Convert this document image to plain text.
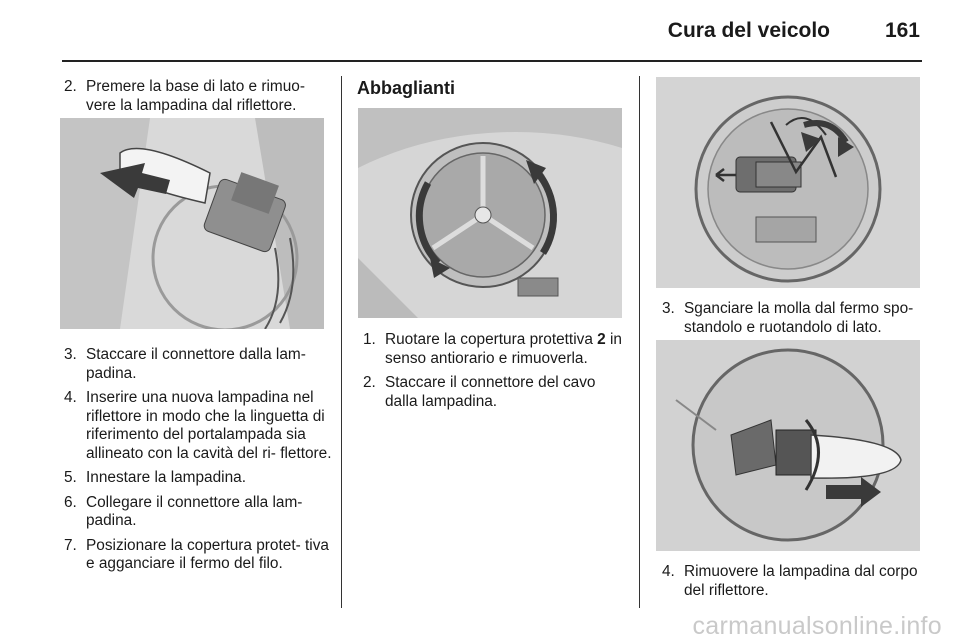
Cura del veicolo	161
2. Premere la base di lato e rimuo- vere la lampadina dal riflettore.
3. Staccare il connettore dalla lam- padina.
4. Inserire una nuova lampadina nel riflettore in modo che la linguetta di riferimento del portalampada sia allineato con la cavità del ri- flettore.
5. Innestare la lampadina.
6. Collegare il connettore alla lam- padina.
7. Posizionare la copertura protet- tiva e agganciare il fermo del filo.
Abbaglianti
1. Ruotare la copertura protettiva 2 in senso antiorario e rimuoverla.
2. Staccare il connettore del cavo dalla lampadina.
3. Sganciare la molla dal fermo spo- standolo e ruotandolo di lato.
4. Rimuovere la lampadina dal corpo del riflettore.
carmanualsonline.info
